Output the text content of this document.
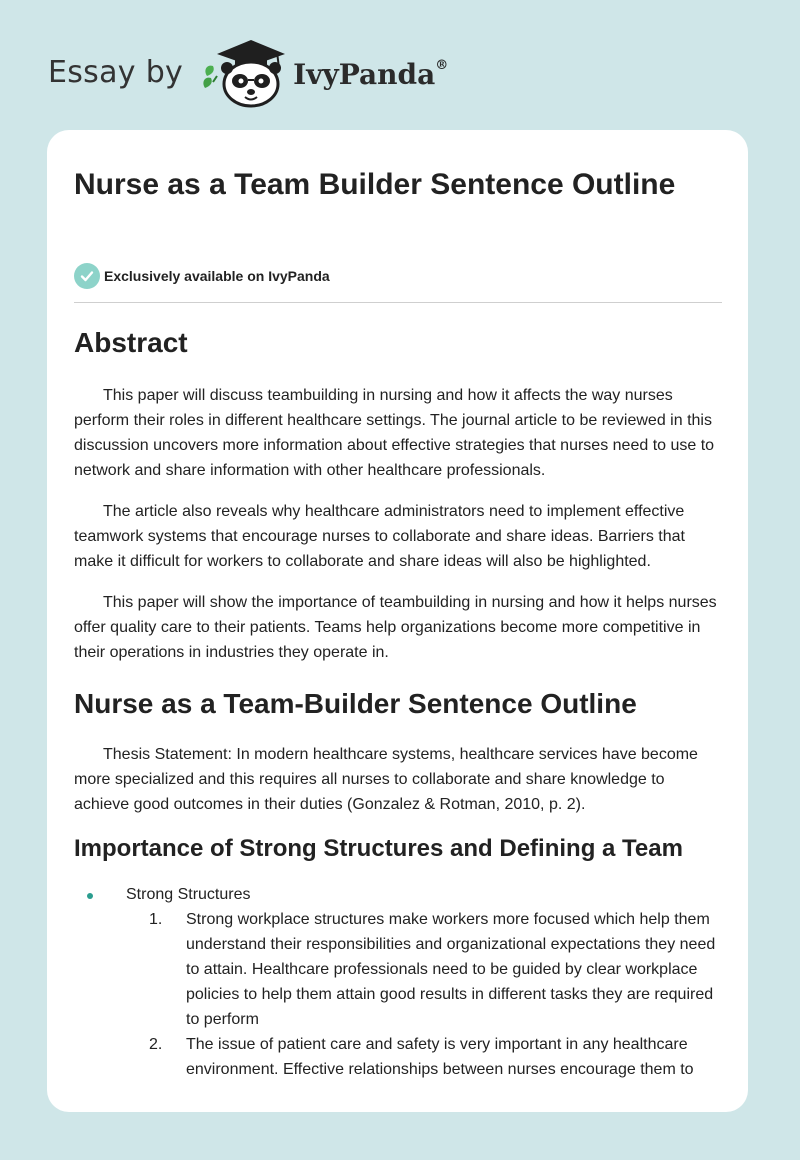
Essay by	IvyPanda®
Nurse as a Team Builder Sentence Outline
Exclusively available on IvyPanda
Abstract

This paper will discuss teambuilding in nursing and how it affects the way nurses perform their roles in different healthcare settings. The journal article to be reviewed in this discussion uncovers more information about effective strategies that nurses need to use to network and share information with other healthcare professionals.

The article also reveals why healthcare administrators need to implement effective teamwork systems that encourage nurses to collaborate and share ideas. Barriers that make it difficult for workers to collaborate and share ideas will also be highlighted.

This paper will show the importance of teambuilding in nursing and how it helps nurses offer quality care to their patients. Teams help organizations become more competitive in their operations in industries they operate in.

Nurse as a Team-Builder Sentence Outline

Thesis Statement: In modern healthcare systems, healthcare services have become more specialized and this requires all nurses to collaborate and share knowledge to achieve good outcomes in their duties (Gonzalez & Rotman, 2010, p. 2).

Importance of Strong Structures and Defining a Team
Strong Structures
1. Strong workplace structures make workers more focused which help them understand their responsibilities and organizational expectations they need to attain. Healthcare professionals need to be guided by clear workplace policies to help them attain good results in different tasks they are required to perform
2. The issue of patient care and safety is very important in any healthcare environment. Effective relationships between nurses encourage them to
